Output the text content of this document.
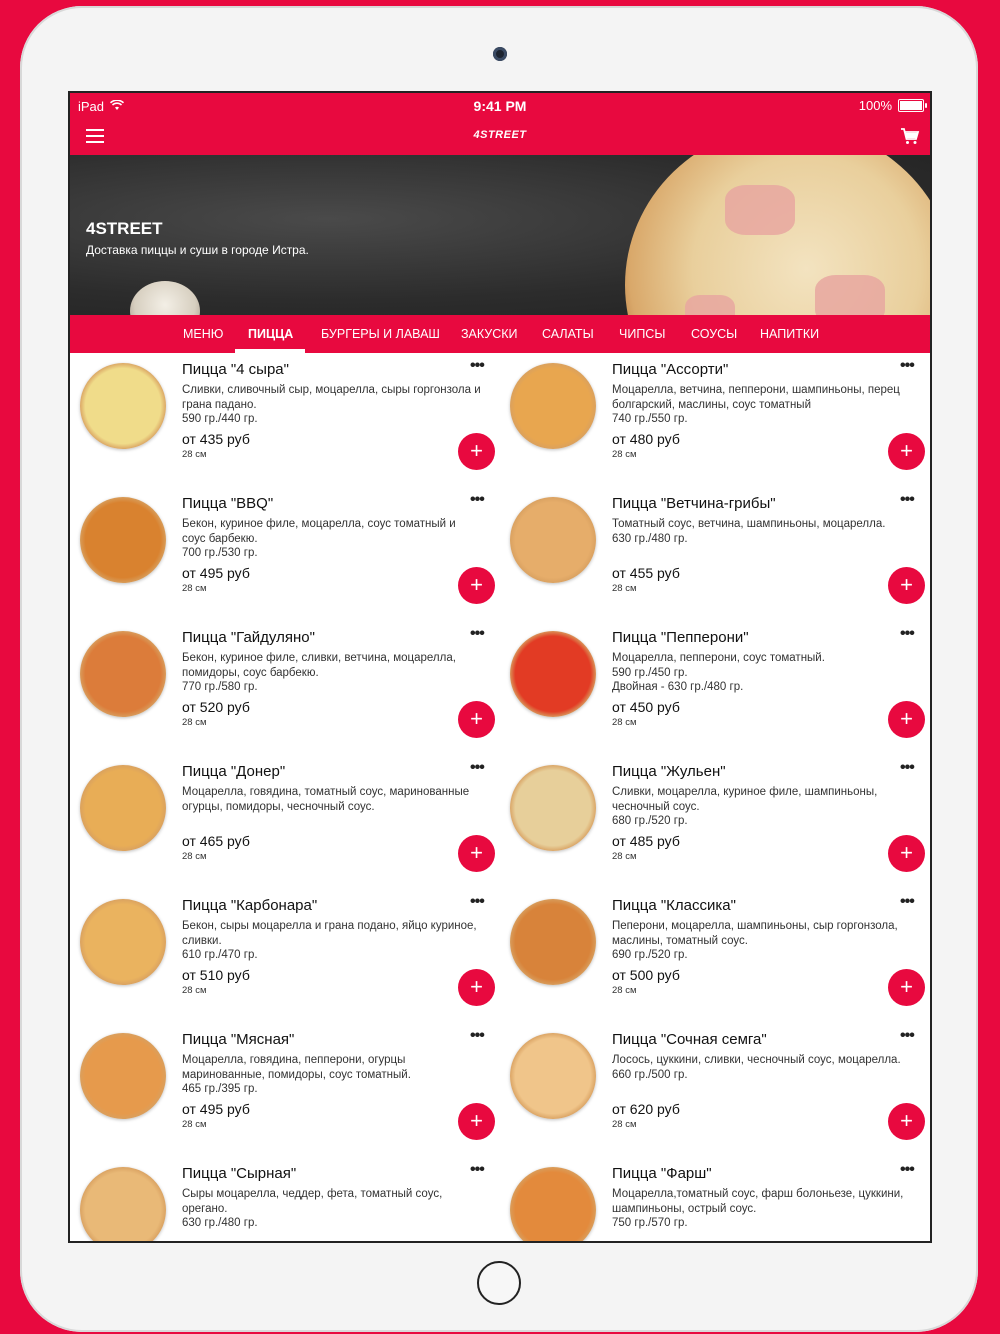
iPad	9:41 PM	100%
4STREET
4STREET
Доставка пиццы и суши в городе Истра.
МЕНЮ ПИЦЦА БУРГЕРЫ И ЛАВАШ ЗАКУСКИ САЛАТЫ ЧИПСЫ СОУСЫ НАПИТКИ
Пицца "4 сыра"
Сливки, сливочный сыр, моцарелла, сыры горгонзола и грана падано.
590 гр./440 гр.
от 435 руб
28 см
•••
+
Пицца "Ассорти"
Моцарелла, ветчина, пепперони, шампиньоны, перец болгарский, маслины, соус томатный
740 гр./550 гр.
от 480 руб
28 см
•••
+
Пицца "BBQ"
Бекон, куриное филе, моцарелла, соус томатный и соус барбекю.
700 гр./530 гр.
от 495 руб
28 см
•••
+
Пицца "Ветчина-грибы"
Томатный соус, ветчина, шампиньоны, моцарелла.
630 гр./480 гр.
от 455 руб
28 см
•••
+
Пицца "Гайдуляно"
Бекон, куриное филе, сливки, ветчина, моцарелла, помидоры, соус барбекю.
770 гр./580 гр.
от 520 руб
28 см
•••
+
Пицца "Пепперони"
Моцарелла, пепперони, соус томатный.
590 гр./450 гр.
Двойная - 630 гр./480 гр.
от 450 руб
28 см
•••
+
Пицца "Донер"
Моцарелла, говядина, томатный соус, маринованные огурцы, помидоры, чесночный соус.
от 465 руб
28 см
•••
+
Пицца "Жульен"
Сливки, моцарелла, куриное филе, шампиньоны, чесночный соус.
680 гр./520 гр.
от 485 руб
28 см
•••
+
Пицца "Карбонара"
Бекон, сыры моцарелла и грана подано, яйцо куриное, сливки.
610 гр./470 гр.
от 510 руб
28 см
•••
+
Пицца "Классика"
Пеперони, моцарелла, шампиньоны, сыр горгонзола, маслины, томатный соус.
690 гр./520 гр.
от 500 руб
28 см
•••
+
Пицца "Мясная"
Моцарелла, говядина, пепперони, огурцы маринованные, помидоры, соус томатный.
465 гр./395 гр.
от 495 руб
28 см
•••
+
Пицца "Сочная семга"
Лосось, цуккини, сливки, чесночный соус, моцарелла.
660 гр./500 гр.
от 620 руб
28 см
•••
+
Пицца "Сырная"
Сыры моцарелла, чеддер, фета, томатный соус, орегано.
630 гр./480 гр.
•••	Пицца "Фарш"
Моцарелла,томатный соус, фарш болоньезе, цуккини, шампиньоны, острый соус.
750 гр./570 гр.
•••
